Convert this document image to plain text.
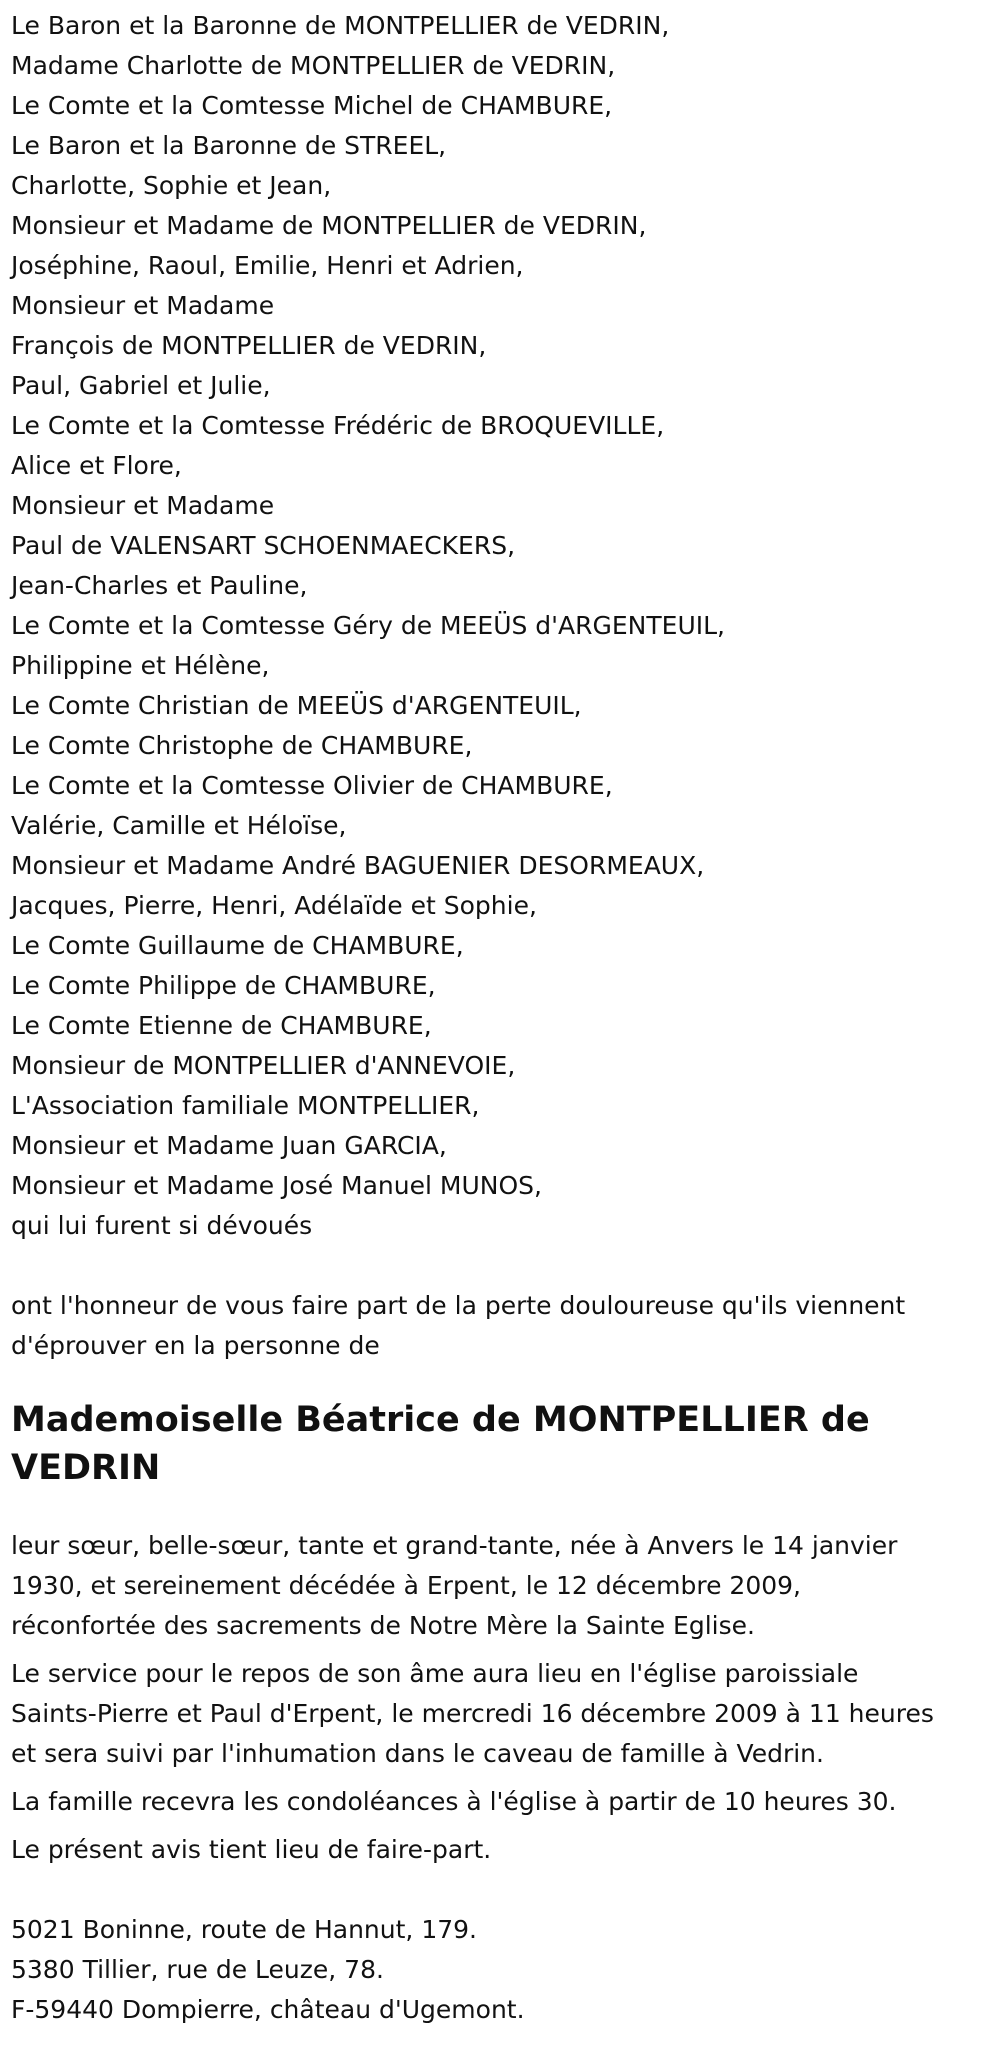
Le Baron et la Baronne de MONTPELLIER de VEDRIN,
Madame Charlotte de MONTPELLIER de VEDRIN,
Le Comte et la Comtesse Michel de CHAMBURE,
Le Baron et la Baronne de STREEL,
Charlotte, Sophie et Jean,
Monsieur et Madame de MONTPELLIER de VEDRIN,
Joséphine, Raoul, Emilie, Henri et Adrien,
Monsieur et Madame
François de MONTPELLIER de VEDRIN,
Paul, Gabriel et Julie,
Le Comte et la Comtesse Frédéric de BROQUEVILLE,
Alice et Flore,
Monsieur et Madame
Paul de VALENSART SCHOENMAECKERS,
Jean-Charles et Pauline,
Le Comte et la Comtesse Géry de MEEÜS d'ARGENTEUIL,
Philippine et Hélène,
Le Comte Christian de MEEÜS d'ARGENTEUIL,
Le Comte Christophe de CHAMBURE,
Le Comte et la Comtesse Olivier de CHAMBURE,
Valérie, Camille et Héloïse,
Monsieur et Madame André BAGUENIER DESORMEAUX,
Jacques, Pierre, Henri, Adélaïde et Sophie,
Le Comte Guillaume de CHAMBURE,
Le Comte Philippe de CHAMBURE,
Le Comte Etienne de CHAMBURE,
Monsieur de MONTPELLIER d'ANNEVOIE,
L'Association familiale MONTPELLIER,
Monsieur et Madame Juan GARCIA,
Monsieur et Madame José Manuel MUNOS,
qui lui furent si dévoués
ont l'honneur de vous faire part de la perte douloureuse qu'ils viennent
d'éprouver en la personne de
Mademoiselle Béatrice de MONTPELLIER de
VEDRIN
leur sœur, belle-sœur, tante et grand-tante, née à Anvers le 14 janvier
1930, et sereinement décédée à Erpent, le 12 décembre 2009,
réconfortée des sacrements de Notre Mère la Sainte Eglise.
Le service pour le repos de son âme aura lieu en l'église paroissiale
Saints-Pierre et Paul d'Erpent, le mercredi 16 décembre 2009 à 11 heures
et sera suivi par l'inhumation dans le caveau de famille à Vedrin.
La famille recevra les condoléances à l'église à partir de 10 heures 30.
Le présent avis tient lieu de faire-part.
5021 Boninne, route de Hannut, 179.
5380 Tillier, rue de Leuze, 78.
F-59440 Dompierre, château d'Ugemont.
